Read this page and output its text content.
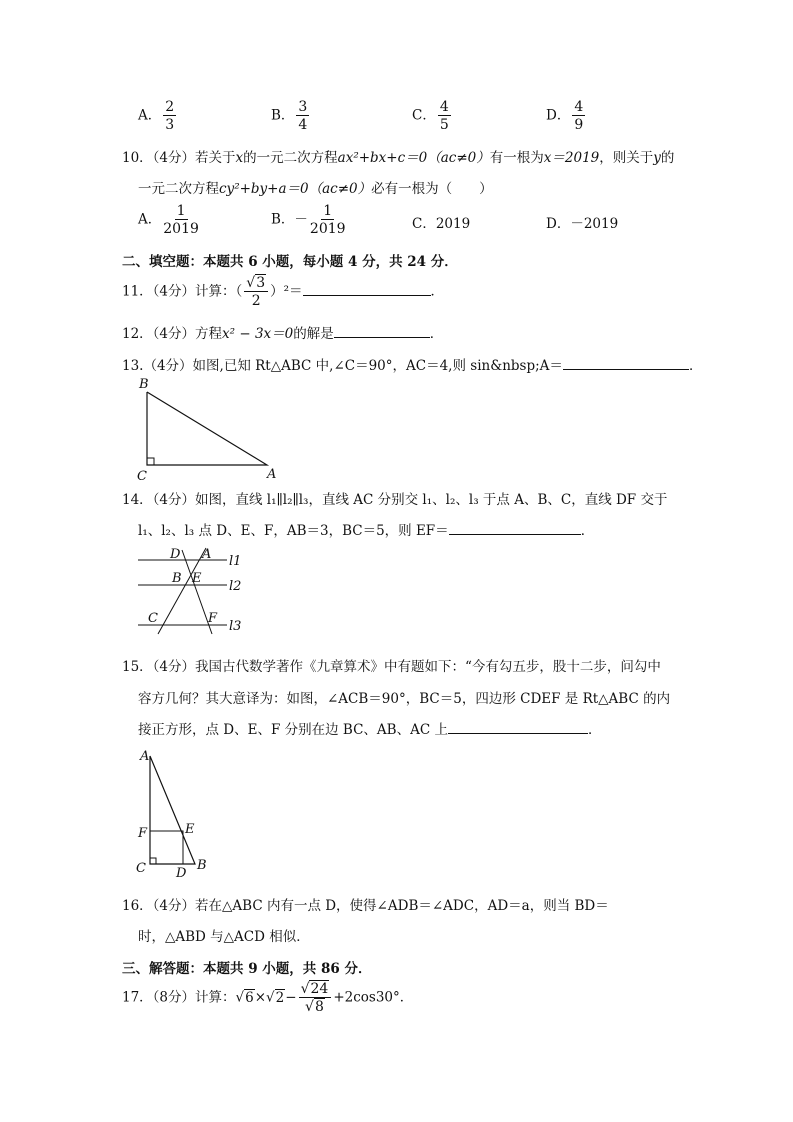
A． $\frac{2}{3}$	B． $\frac{3}{4}$	C． $\frac{4}{5}$	D． $\frac{4}{9}$
10．（4分）若关于x的一元二次方程ax²+bx+c＝0（ac≠0）有一根为x＝2019，则关于y的
一元二次方程cy²+by+a＝0（ac≠0）必有一根为（　　）
A． $\frac{1}{2019}$	B．－ $\frac{1}{2019}$	C．2019	D．－2019
二、填空题：本题共 6 小题，每小题 4 分，共 24 分．
11．（4分）计算：（ $\frac{√3}{2} )^2=$	．
12．（4分）方程x² − 3x＝0的解是	．
13.（4分）如图,已知 Rt△ABC 中,∠C＝90°，AC＝4,则 sin&nbsp;A＝	．
B
C	A
14．（4分）如图，直线 l₁∥l₂∥l₃，直线 AC 分别交 l₁、l₂、l₃ 于点 A、B、C，直线 DF 交于
l₁、l₂、l₃ 点 D、E、F，AB＝3，BC＝5，则 EF＝	．
D A l1
B E
l2
C	F
l3
15．（4分）我国古代数学著作《九章算术》中有题如下：“今有勾五步，股十二步，问勾中
容方几何？其大意译为：如图，∠ACB＝90°，BC＝5，四边形 CDEF 是 Rt△ABC 的内
接正方形，点 D、E、F 分别在边 BC、AB、AC 上	．
A
F	E
C D
B
16．（4分）若在△ABC 内有一点 D，使得∠ADB＝∠ADC，AD＝a，则当 BD＝
时，△ABD 与△ACD 相似．
三、解答题：本题共 9 小题，共 86 分．
17．（8分）计算：$√6\times√2- \frac{√24}{√8} +2\cos 30^\circ$．
